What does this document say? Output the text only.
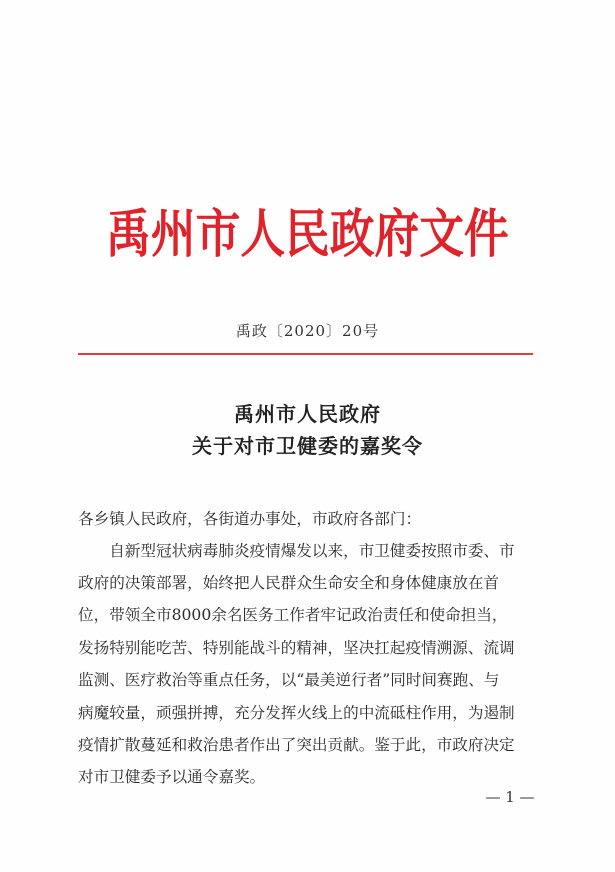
禹州市人民政府文件
禹政〔2020〕20号
禹州市人民政府
关于对市卫健委的嘉奖令
各乡镇人民政府，各街道办事处，市政府各部门：
　　自新型冠状病毒肺炎疫情爆发以来，市卫健委按照市委、市
政府的决策部署，始终把人民群众生命安全和身体健康放在首
位，带领全市8000余名医务工作者牢记政治责任和使命担当，
发扬特别能吃苦、特别能战斗的精神，坚决扛起疫情溯源、流调
监测、医疗救治等重点任务，以“最美逆行者”同时间赛跑、与
病魔较量，顽强拼搏，充分发挥火线上的中流砥柱作用，为遏制
疫情扩散蔓延和救治患者作出了突出贡献。鉴于此，市政府决定
对市卫健委予以通令嘉奖。
— 1 —
